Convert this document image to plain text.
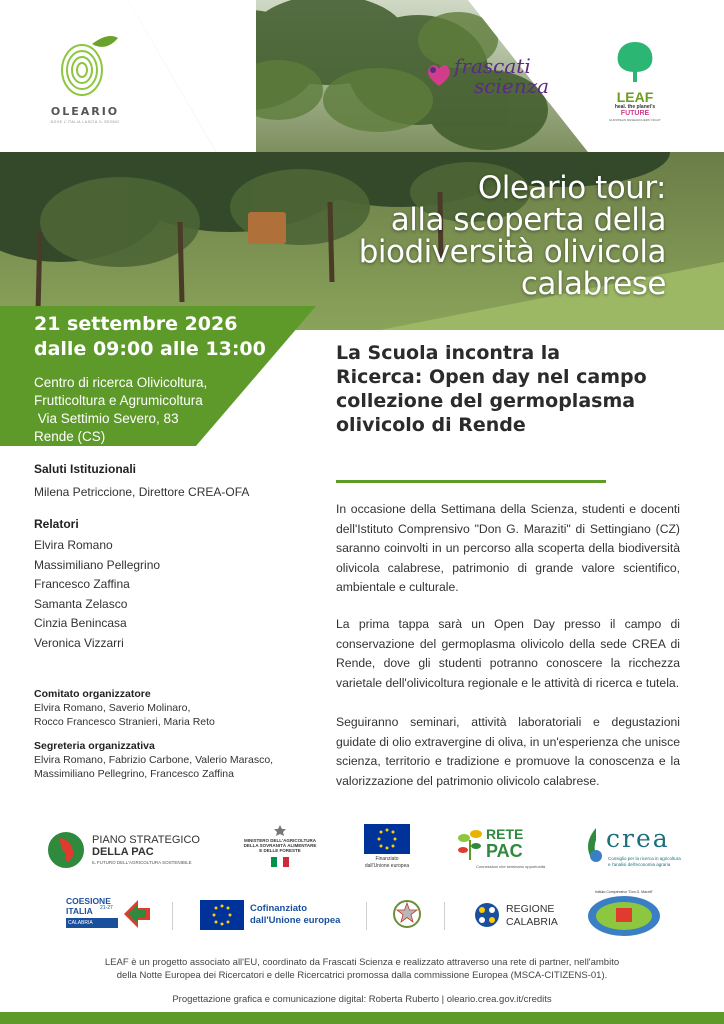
OLEARIO
DOVE L'ITALIA LASCIA IL SEGNO
frascati
scienza	LEAF
heal. the planet's
FUTURE
EUROPEAN RESEARCHERS' NIGHT
Oleario tour:
alla scoperta della
biodiversità olivicola
calabrese
21 settembre 2026
dalle 09:00 alle 13:00
Centro di ricerca Olivicoltura,
Frutticoltura e Agrumicoltura
Via Settimio Severo, 83
Rende (CS)
La Scuola incontra la
Ricerca: Open day nel campo
collezione del germoplasma
olivicolo di Rende
Saluti Istituzionali
Milena Petriccione, Direttore CREA-OFA
Relatori
Elvira Romano
Massimiliano Pellegrino
Francesco Zaffina
Samanta Zelasco
Cinzia Benincasa
Veronica Vizzarri
Comitato organizzatore
Elvira Romano, Saverio Molinaro,
Rocco Francesco Stranieri, Maria Reto
Segreteria organizzativa
Elvira Romano, Fabrizio Carbone, Valerio Marasco,
Massimiliano Pellegrino, Francesco Zaffina
In occasione della Settimana della Scienza, studenti e docenti dell'Istituto Comprensivo "Don G. Maraziti" di Settingiano (CZ) saranno coinvolti in un percorso alla scoperta della biodiversità olivicola calabrese, patrimonio di grande valore scientifico, ambientale e culturale.
La prima tappa sarà un Open Day presso il campo di conservazione del germoplasma olivicolo della sede CREA di Rende, dove gli studenti potranno conoscere la ricchezza varietale dell'olivicoltura regionale e le attività di ricerca e tutela.
Seguiranno seminari, attività laboratoriali e degustazioni guidate di olio extravergine di oliva, in un'esperienza che unisce scienza, territorio e tradizione e promuove la conoscenza e la valorizzazione del patrimonio olivicolo calabrese.
PIANO STRATEGICO
DELLA PAC
IL FUTURO DELL'AGRICOLTURA SOSTENIBILE
MINISTERO DELL'AGRICOLTURA
DELLA SOVRANITÀ ALIMENTARE
E DELLE FORESTE
Finanziato
dall'Unione europea
RETE
PAC
Connessioni che seminano opportunità
crea
Consiglio per la ricerca in agricoltura
e l'analisi dell'economia agraria
COESIONE
ITALIA 21-27
CALABRIA
Cofinanziato
dall'Unione europea
REGIONE
CALABRIA
Istituto Comprensivo "Don G. Marziti"
LEAF è un progetto associato all'EU, coordinato da Frascati Scienza e realizzato attraverso una rete di partner, nell'ambito
della Notte Europea dei Ricercatori e delle Ricercatrici promossa dalla commissione Europea (MSCA-CITIZENS-01).
Progettazione grafica e comunicazione digital: Roberta Ruberto | oleario.crea.gov.it/credits
